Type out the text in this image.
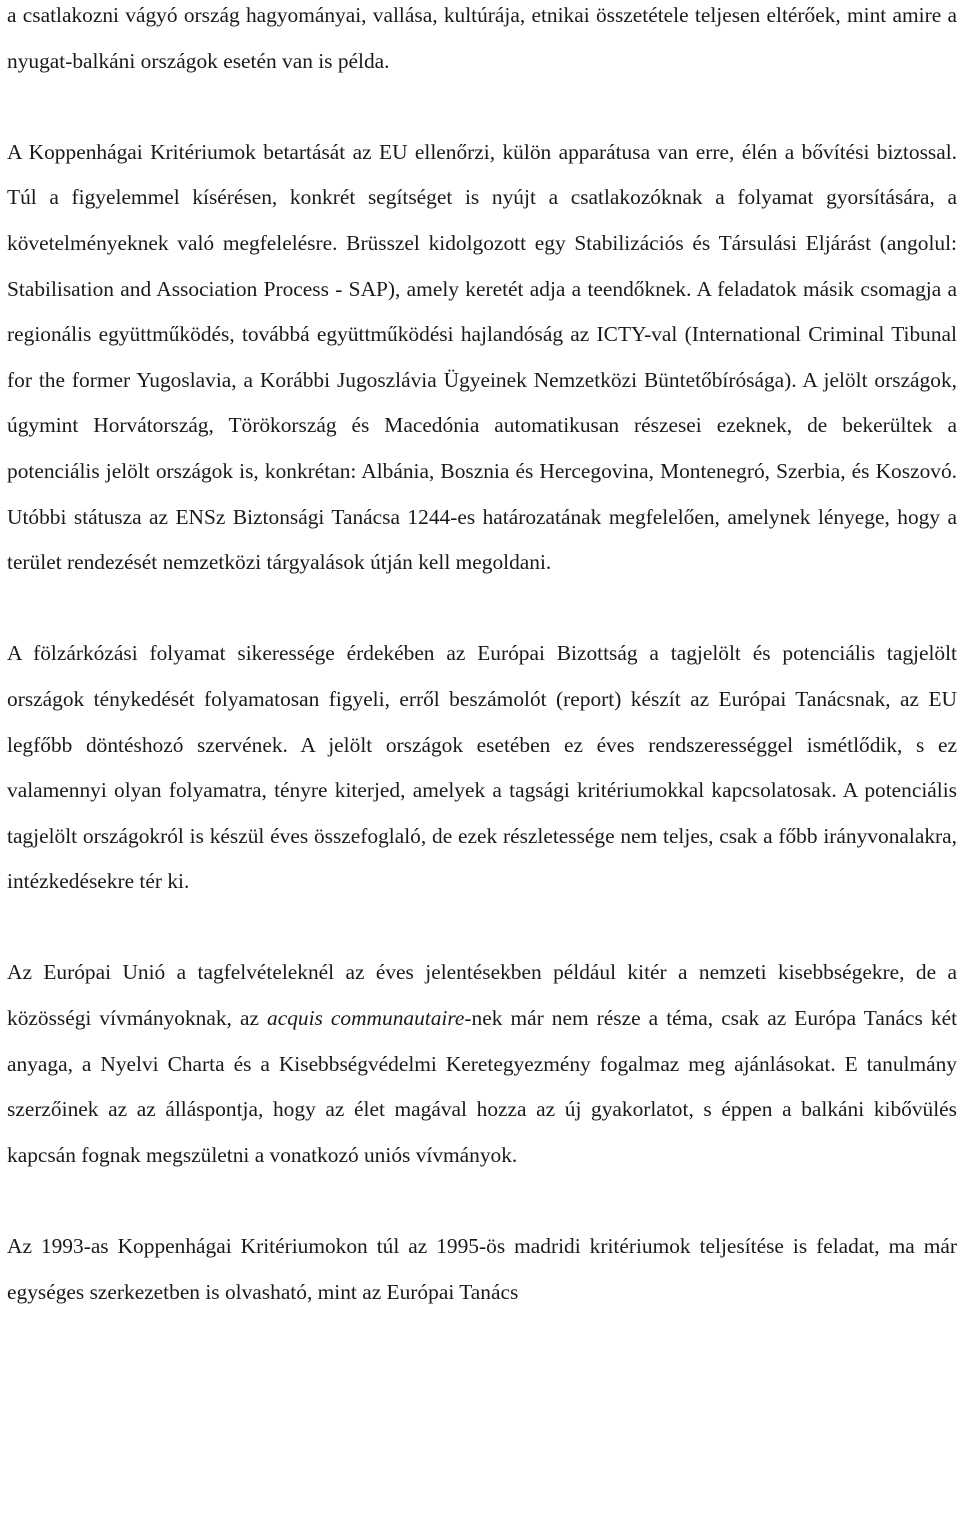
a csatlakozni vágyó ország hagyományai, vallása, kultúrája, etnikai összetétele teljesen eltérőek, mint amire a nyugat-balkáni országok esetén van is példa.

A Koppenhágai Kritériumok betartását az EU ellenőrzi, külön apparátusa van erre, élén a bővítési biztossal. Túl a figyelemmel kísérésen, konkrét segítséget is nyújt a csatlakozóknak a folyamat gyorsítására, a követelményeknek való megfelelésre. Brüsszel kidolgozott egy Stabilizációs és Társulási Eljárást (angolul: Stabilisation and Association Process - SAP), amely keretét adja a teendőknek. A feladatok másik csomagja a regionális együttműködés, továbbá együttműködési hajlandóság az ICTY-val (International Criminal Tibunal for the former Yugoslavia, a Korábbi Jugoszlávia Ügyeinek Nemzetközi Büntetőbírósága). A jelölt országok, úgymint Horvátország, Törökország és Macedónia automatikusan részesei ezeknek, de bekerültek a potenciális jelölt országok is, konkrétan: Albánia, Bosznia és Hercegovina, Montenegró, Szerbia, és Koszovó. Utóbbi státusza az ENSz Biztonsági Tanácsa 1244-es határozatának megfelelően, amelynek lényege, hogy a terület rendezését nemzetközi tárgyalások útján kell megoldani.

A fölzárkózási folyamat sikeressége érdekében az Európai Bizottság a tagjelölt és potenciális tagjelölt országok ténykedését folyamatosan figyeli, erről beszámolót (report) készít az Európai Tanácsnak, az EU legfőbb döntéshozó szervének. A jelölt országok esetében ez éves rendszerességgel ismétlődik, s ez valamennyi olyan folyamatra, tényre kiterjed, amelyek a tagsági kritériumokkal kapcsolatosak. A potenciális tagjelölt országokról is készül éves összefoglaló, de ezek részletessége nem teljes, csak a főbb irányvonalakra, intézkedésekre tér ki.

Az Európai Unió a tagfelvételeknél az éves jelentésekben például kitér a nemzeti kisebbségekre, de a közösségi vívmányoknak, az acquis communautaire-nek már nem része a téma, csak az Európa Tanács két anyaga, a Nyelvi Charta és a Kisebbségvédelmi Keretegyezmény fogalmaz meg ajánlásokat. E tanulmány szerzőinek az az álláspontja, hogy az élet magával hozza az új gyakorlatot, s éppen a balkáni kibővülés kapcsán fognak megszületni a vonatkozó uniós vívmányok.

Az 1993-as Koppenhágai Kritériumokon túl az 1995-ös madridi kritériumok teljesítése is feladat, ma már egységes szerkezetben is olvasható, mint az Európai Tanács
